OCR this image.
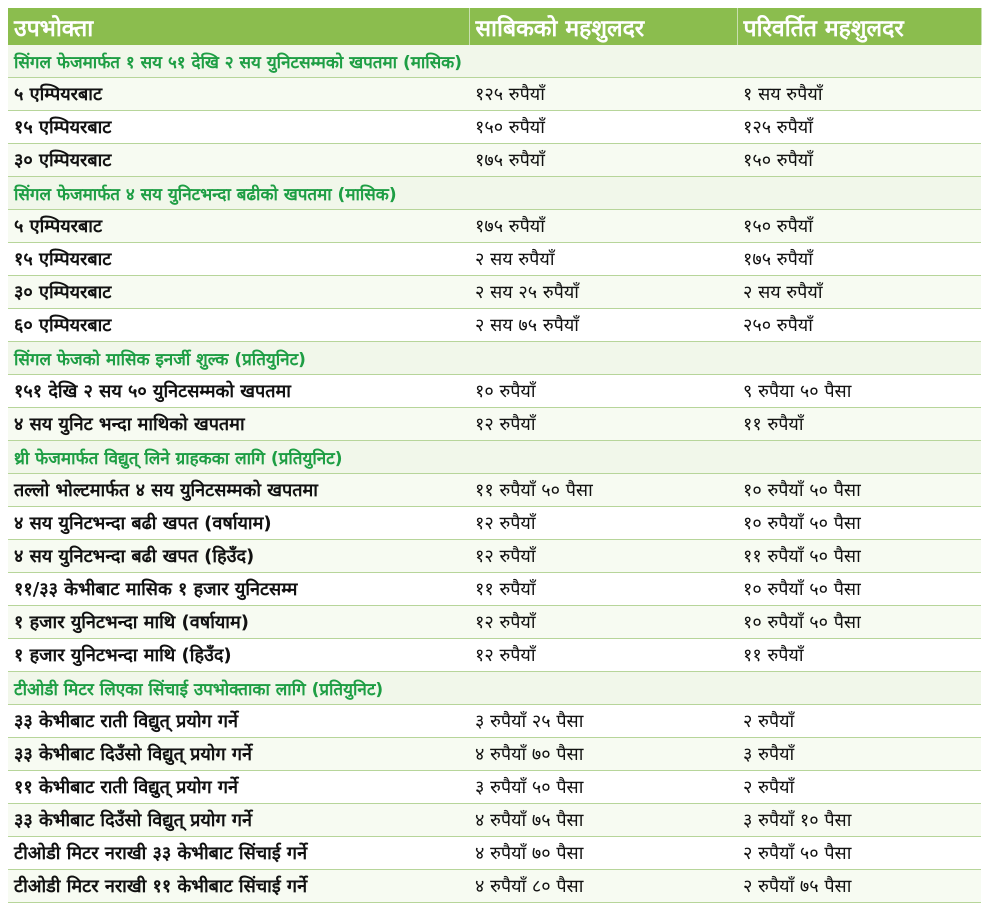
उपभोक्ता	साबिकको महशुलदर	परिवर्तित महशुलदर
सिंगल फेजमार्फत १ सय ५१ देखि २ सय युनिटसम्मको खपतमा (मासिक)		
५ एम्पियरबाट	१२५ रुपैयाँ	१ सय रुपैयाँ
१५ एम्पियरबाट	१५० रुपैयाँ	१२५ रुपैयाँ
३० एम्पियरबाट	१७५ रुपैयाँ	१५० रुपैयाँ
सिंगल फेजमार्फत ४ सय युनिटभन्दा बढीको खपतमा (मासिक)		
५ एम्पियरबाट	१७५ रुपैयाँ	१५० रुपैयाँ
१५ एम्पियरबाट	२ सय रुपैयाँ	१७५ रुपैयाँ
३० एम्पियरबाट	२ सय २५ रुपैयाँ	२ सय रुपैयाँ
६० एम्पियरबाट	२ सय ७५ रुपैयाँ	२५० रुपैयाँ
सिंगल फेजको मासिक इनर्जी शुल्क (प्रतियुनिट)		
१५१ देखि २ सय ५० युनिटसम्मको खपतमा	१० रुपैयाँ	९ रुपैया ५० पैसा
४ सय युनिट भन्दा माथिको खपतमा	१२ रुपैयाँ	११ रुपैयाँ
थ्री फेजमार्फत विद्युत् लिने ग्राहकका लागि (प्रतियुनिट)		
तल्लो भोल्टमार्फत ४ सय युनिटसम्मको खपतमा	११ रुपैयाँ ५० पैसा	१० रुपैयाँ ५० पैसा
४ सय युनिटभन्दा बढी खपत (वर्षायाम)	१२ रुपैयाँ	१० रुपैयाँ ५० पैसा
४ सय युनिटभन्दा बढी खपत (हिउँद)	१२ रुपैयाँ	११ रुपैयाँ ५० पैसा
११/३३ केभीबाट मासिक १ हजार युनिटसम्म	११ रुपैयाँ	१० रुपैयाँ ५० पैसा
१ हजार युनिटभन्दा माथि (वर्षायाम)	१२ रुपैयाँ	१० रुपैयाँ ५० पैसा
१ हजार युनिटभन्दा माथि (हिउँद)	१२ रुपैयाँ	११ रुपैयाँ
टीओडी मिटर लिएका सिंचाई उपभोक्ताका लागि (प्रतियुनिट)		
३३ केभीबाट राती विद्युत् प्रयोग गर्ने	३ रुपैयाँ २५ पैसा	२ रुपैयाँ
३३ केभीबाट दिउँसो विद्युत् प्रयोग गर्ने	४ रुपैयाँ ७० पैसा	३ रुपैयाँ
११ केभीबाट राती विद्युत् प्रयोग गर्ने	३ रुपैयाँ ५० पैसा	२ रुपैयाँ
३३ केभीबाट दिउँसो विद्युत् प्रयोग गर्ने	४ रुपैयाँ ७५ पैसा	३ रुपैयाँ १० पैसा
टीओडी मिटर नराखी ३३ केभीबाट सिंचाई गर्ने	४ रुपैयाँ ७० पैसा	२ रुपैयाँ ५० पैसा
टीओडी मिटर नराखी ११ केभीबाट सिंचाई गर्ने	४ रुपैयाँ ८० पैसा	२ रुपैयाँ ७५ पैसा
